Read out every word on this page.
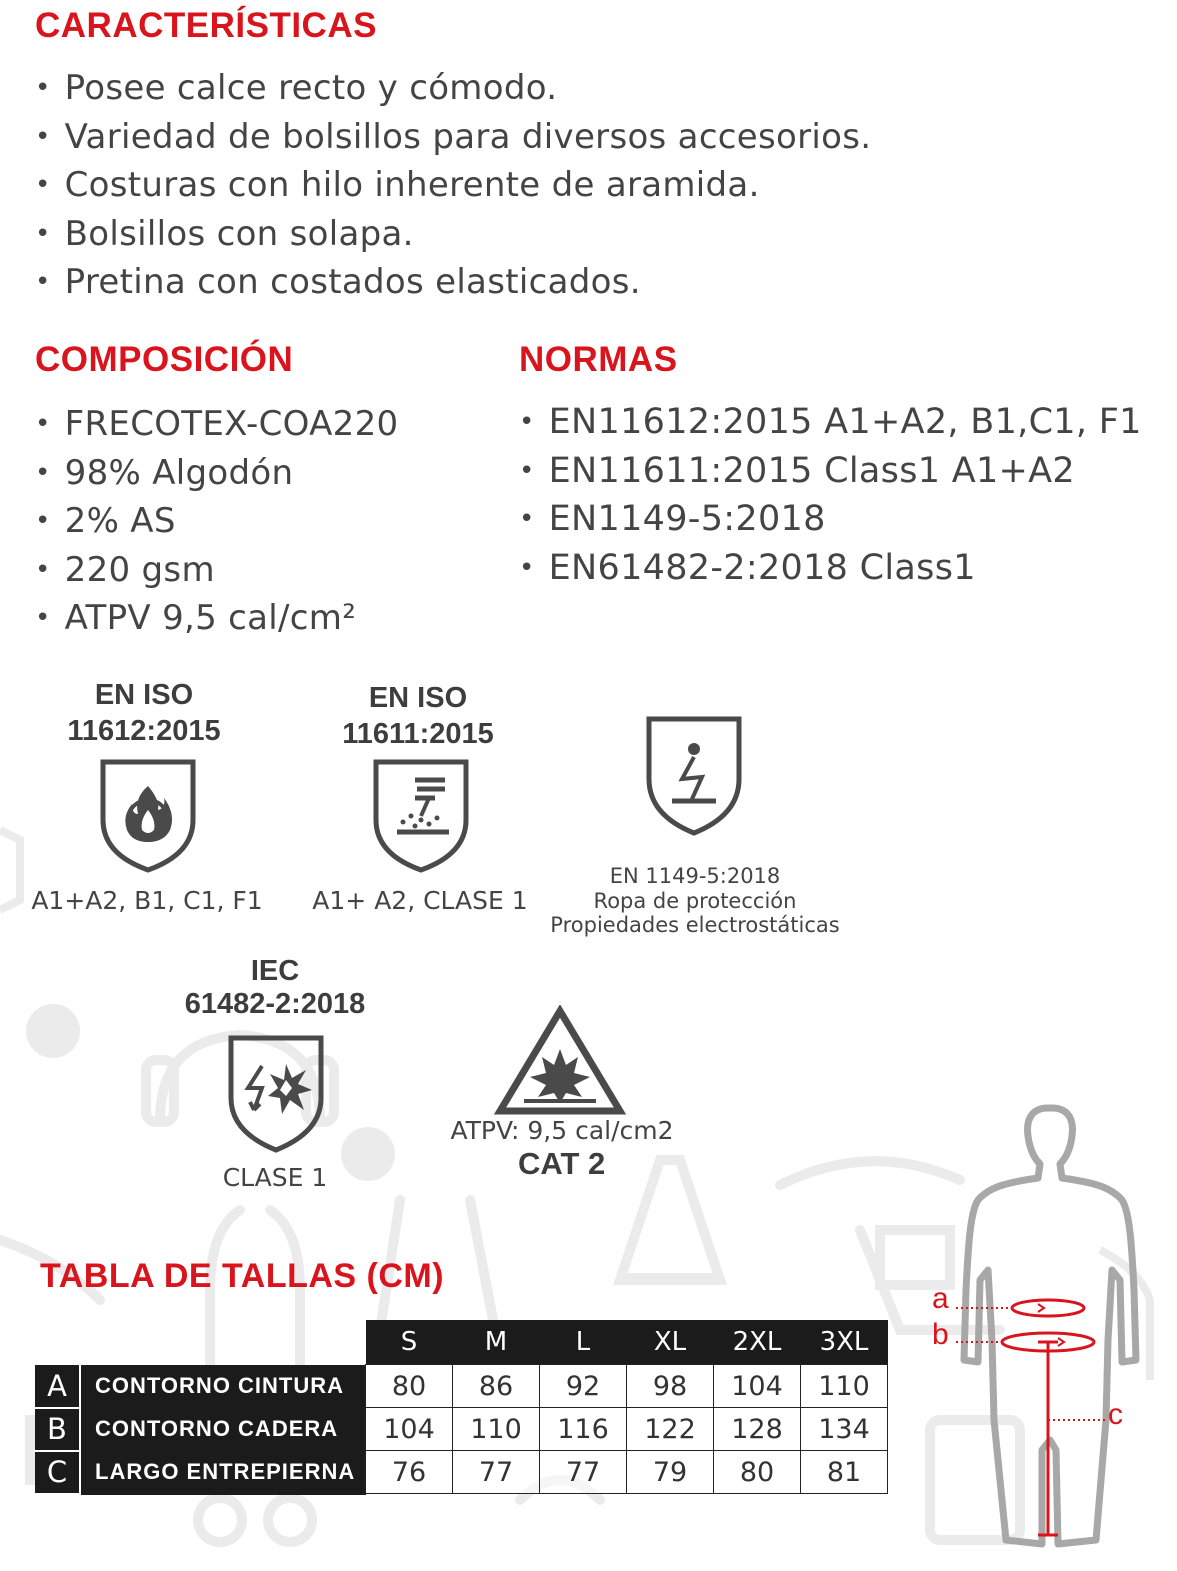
CARACTERÍSTICAS
• Posee calce recto y cómodo.
• Variedad de bolsillos para diversos accesorios.
• Costuras con hilo inherente de aramida.
• Bolsillos con solapa.
• Pretina con costados elasticados.
COMPOSICIÓN
• FRECOTEX-COA220
• 98% Algodón
• 2% AS
• 220 gsm
• ATPV 9,5 cal/cm²
NORMAS
• EN11612:2015 A1+A2, B1,C1, F1
• EN11611:2015 Class1 A1+A2
• EN1149-5:2018
• EN61482-2:2018 Class1
EN ISO
11612:2015
A1+A2, B1, C1, F1
EN ISO
11611:2015
A1+ A2, CLASE 1
EN 1149-5:2018
Ropa de protección
Propiedades electrostáticas
IEC
61482-2:2018
CLASE 1
ATPV: 9,5 cal/cm2
CAT 2
a
b
c
TABLA DE TALLAS (CM)
		S	M	L	XL	2XL	3XL
A	CONTORNO CINTURA	80	86	92	98	104	110
B	CONTORNO CADERA	104	110	116	122	128	134
C	LARGO ENTREPIERNA	76	77	77	79	80	81
